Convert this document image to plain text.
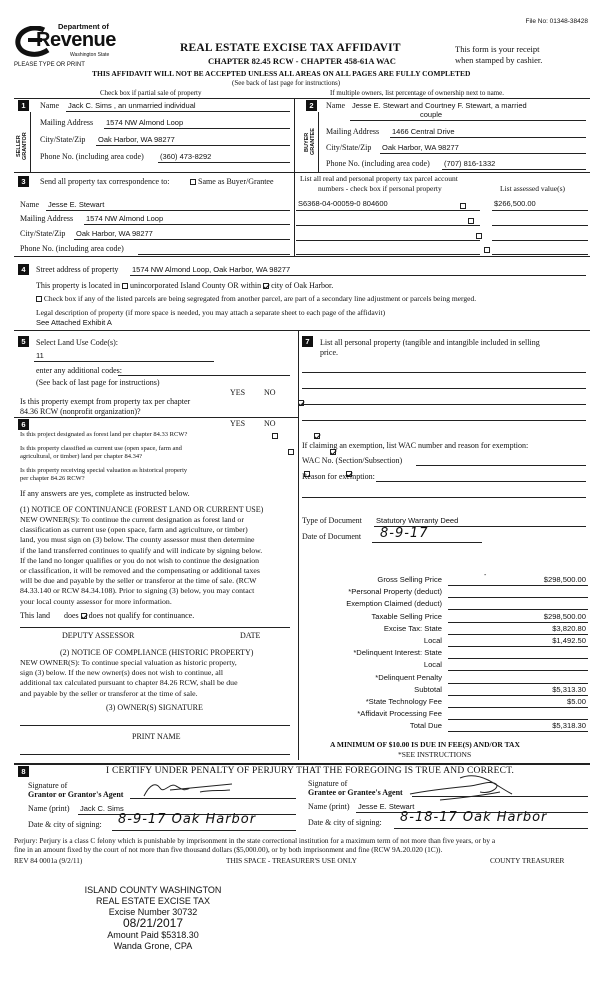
File No: 01348-38428
Department of
Revenue
Washington State
PLEASE TYPE OR PRINT
REAL ESTATE EXCISE TAX AFFIDAVIT
CHAPTER 82.45 RCW - CHAPTER 458-61A WAC
This form is your receipt
when stamped by cashier.
THIS AFFIDAVIT WILL NOT BE ACCEPTED UNLESS ALL AREAS ON ALL PAGES ARE FULLY COMPLETED
(See back of last page for instructions)
Check box if partial sale of property	If multiple owners, list percentage of ownership next to name.
1
SELLER GRANTOR
Name Jack C. Sims , an unmarried individual
Mailing Address 1574 NW Almond Loop
City/State/Zip Oak Harbor, WA 98277
Phone No. (including area code) (360) 473-8292
2
BUYER GRANTEE
Name Jesse E. Stewart and Courtney F. Stewart, a married
couple
Mailing Address 1466 Central Drive
City/State/Zip Oak Harbor, WA 98277
Phone No. (including area code) (707) 816-1332
3	Send all property tax correspondence to:	Same as Buyer/Grantee
Name Jesse E. Stewart
Mailing Address 1574 NW Almond Loop
City/State/Zip Oak Harbor, WA 98277
Phone No. (including area code)
List all real and personal property tax parcel account
numbers - check box if personal property	List assessed value(s)
S6368-04-00059-0 804600	$266,500.00

4	Street address of property 1574 NW Almond Loop, Oak Harbor, WA 98277
This property is located in unincorporated Island County OR within city of Oak Harbor.
Check box if any of the listed parcels are being segregated from another parcel, are part of a secondary line adjustment or parcels being merged.
Legal description of property (if more space is needed, you may attach a separate sheet to each page of the affidavit)
See Attached Exhibit A
5	Select Land Use Code(s):
11
enter any additional codes:
(See back of last page for instructions)
YES NO
Is this property exempt from property tax per chapter
84.36 RCW (nonprofit organization)?

6	YES NO
Is this project designated as forest land per chapter 84.33 RCW?

Is this property classified as current use (open space, farm and
agricultural, or timber) land per chapter 84.34?

Is this property receiving special valuation as historical property
per chapter 84.26 RCW?

If any answers are yes, complete as instructed below.
(1) NOTICE OF CONTINUANCE (FOREST LAND OR CURRENT USE)
NEW OWNER(S): To continue the current designation as forest land or
classification as current use (open space, farm and agriculture, or timber)
land, you must sign on (3) below. The county assessor must then determine
if the land transferred continues to qualify and will indicate by signing below.
If the land no longer qualifies or you do not wish to continue the designation
or classification, it will be removed and the compensating or additional taxes
will be due and payable by the seller or transferor at the time of sale. (RCW
84.33.140 or RCW 84.34.108). Prior to signing (3) below, you may contact
your local county assessor for more information.
This land does does not qualify for continuance.
DEPUTY ASSESSOR	DATE
(2) NOTICE OF COMPLIANCE (HISTORIC PROPERTY)
NEW OWNER(S): To continue special valuation as historic property,
sign (3) below. If the new owner(s) does not wish to continue, all
additional tax calculated pursuant to chapter 84.26 RCW, shall be due
and payable by the seller or transferor at the time of sale.
(3) OWNER(S) SIGNATURE
PRINT NAME
7	List all personal property (tangible and intangible included in selling
price.
If claiming an exemption, list WAC number and reason for exemption:
WAC No. (Section/Subsection)
Reason for exemption:
Type of Document Statutory Warranty Deed
Date of Document 8-9-17
Gross Selling Price	$298,500.00
*Personal Property (deduct)
Exemption Claimed (deduct)
Taxable Selling Price	$298,500.00
Excise Tax: State	$3,820.80
Local	$1,492.50
*Delinquent Interest: State
Local
*Delinquent Penalty
Subtotal	$5,313.30
*State Technology Fee	$5.00
*Affidavit Processing Fee
Total Due	$5,318.30
-
A MINIMUM OF $10.00 IS DUE IN FEE(S) AND/OR TAX
*SEE INSTRUCTIONS
8	I CERTIFY UNDER PENALTY OF PERJURY THAT THE FOREGOING IS TRUE AND CORRECT.
Signature of
Grantor or Grantor's Agent
Name (print) Jack C. Sims
Date & city of signing: 8-9-17 Oak Harbor
Signature of
Grantee or Grantee's Agent
Name (print) Jesse E. Stewart
Date & city of signing: 8-18-17 Oak Harbor
Perjury: Perjury is a class C felony which is punishable by imprisonment in the state correctional institution for a maximum term of not more than five years, or by a
fine in an amount fixed by the court of not more than five thousand dollars ($5,000.00), or by both imprisonment and fine (RCW 9A.20.020 (1C)).
REV 84 0001a (9/2/11)	THIS SPACE - TREASURER'S USE ONLY	COUNTY TREASURER
ISLAND COUNTY WASHINGTON
REAL ESTATE EXCISE TAX
Excise Number 30732
08/21/2017
Amount Paid $5318.30
Wanda Grone, CPA
